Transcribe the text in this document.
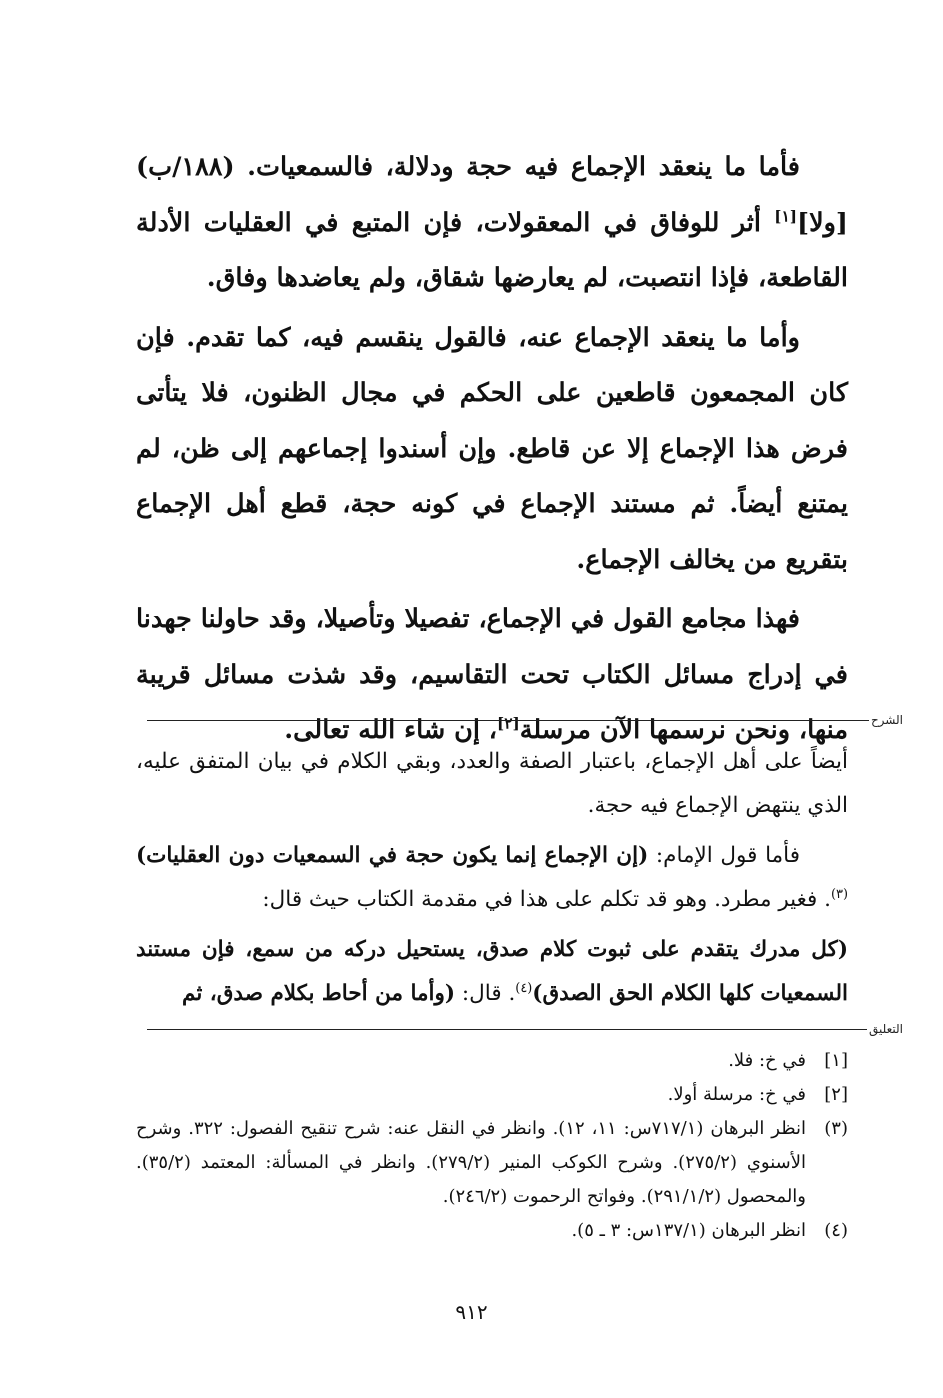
فأما ما ينعقد الإجماع فيه حجة ودلالة، فالسمعيات. (١٨٨/ب) [ولا][١] أثر للوفاق في المعقولات، فإن المتبع في العقليات الأدلة القاطعة، فإذا انتصبت، لم يعارضها شقاق، ولم يعاضدها وفاق.

وأما ما ينعقد الإجماع عنه، فالقول ينقسم فيه، كما تقدم. فإن كان المجمعون قاطعين على الحكم في مجال الظنون، فلا يتأتى فرض هذا الإجماع إلا عن قاطع. وإن أسندوا إجماعهم إلى ظن، لم يمتنع أيضاً. ثم مستند الإجماع في كونه حجة، قطع أهل الإجماع بتقريع من يخالف الإجماع.

فهذا مجامع القول في الإجماع، تفصيلا وتأصيلا، وقد حاولنا جهدنا في إدراج مسائل الكتاب تحت التقاسيم، وقد شذت مسائل قريبة منها، ونحن نرسمها الآن مرسلة[٢]، إن شاء الله تعالى.	الشرح

أيضاً على أهل الإجماع، باعتبار الصفة والعدد، وبقي الكلام في بيان المتفق عليه، الذي ينتهض الإجماع فيه حجة.

فأما قول الإمام: (إن الإجماع إنما يكون حجة في السمعيات دون العقليات)$^{(٣)}$. فغير مطرد. وهو قد تكلم على هذا في مقدمة الكتاب حيث قال:

(كل مدرك يتقدم على ثبوت كلام صدق، يستحيل دركه من سمع، فإن مستند السمعيات كلها الكلام الحق الصدق)$^{(٤)}$. قال: (وأما من أحاط بكلام صدق، ثم

التعليق
[١]
في خ: فلا.
[٢]
في خ: مرسلة أولا.
(٣)
انظر البرهان (٧١٧/١س: ١١، ١٢). وانظر في النقل عنه: شرح تنقيح الفصول: ٣٢٢. وشرح الأسنوي (٢٧٥/٢). وشرح الكوكب المنير (٢٧٩/٢). وانظر في المسألة: المعتمد (٣٥/٢). والمحصول (٢٩١/١/٢). وفواتح الرحموت (٢٤٦/٢).
(٤)
انظر البرهان (١٣٧/١س: ٣ ـ ٥).
٩١٢
